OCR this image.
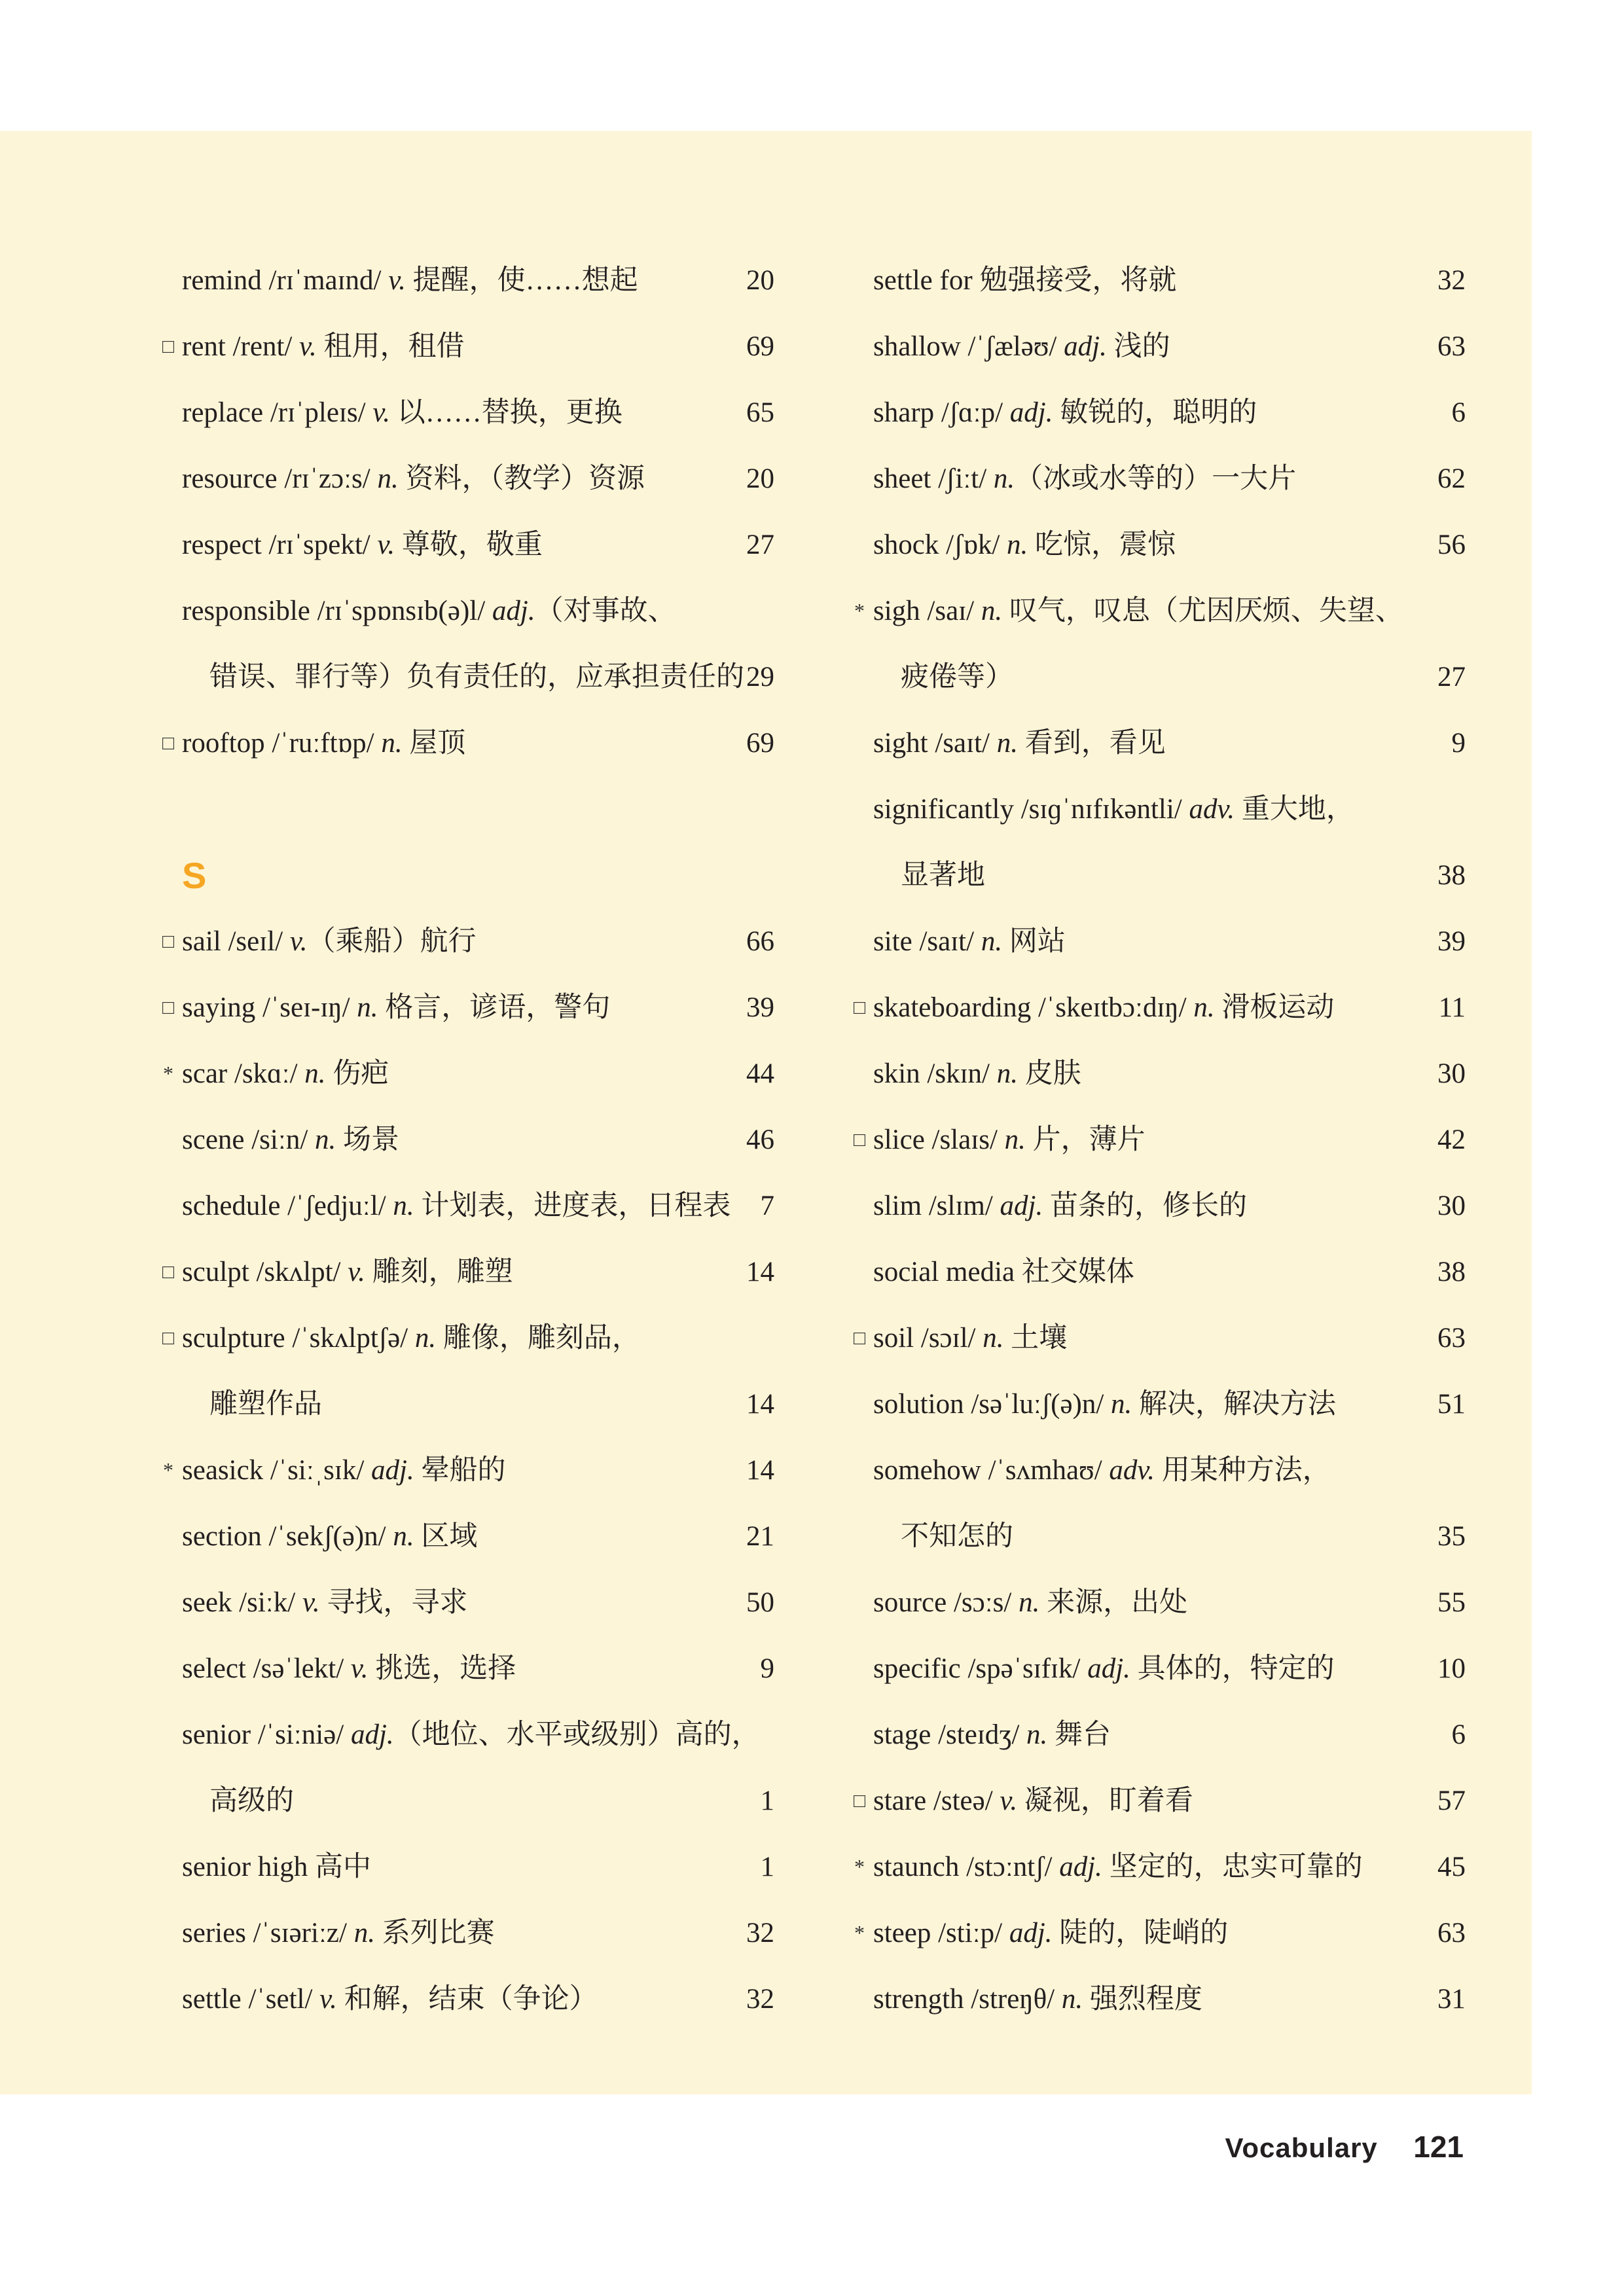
remind /rɪˈmaɪnd/ v. 提醒，使……想起	20
□ rent /rent/ v. 租用，租借	69
replace /rɪˈpleɪs/ v. 以……替换，更换	65
resource /rɪˈzɔːs/ n. 资料，（教学）资源	20
respect /rɪˈspekt/ v. 尊敬，敬重	27
responsible /rɪˈspɒnsɪb(ə)l/ adj.（对事故、
错误、罪行等）负有责任的，应承担责任的 29
□ rooftop /ˈruːftɒp/ n. 屋顶	69
S
□ sail /seɪl/ v.（乘船）航行	66
□ saying /ˈseɪ-ɪŋ/ n. 格言，谚语，警句	39
* scar /skɑː/ n. 伤疤	44
scene /siːn/ n. 场景	46
schedule /ˈʃedjuːl/ n. 计划表，进度表，日程表	7
□ sculpt /skʌlpt/ v. 雕刻，雕塑	14
□ sculpture /ˈskʌlptʃə/ n. 雕像，雕刻品，
雕塑作品	14
* seasick /ˈsiːˌsɪk/ adj. 晕船的	14
section /ˈsekʃ(ə)n/ n. 区域	21
seek /siːk/ v. 寻找，寻求	50
select /səˈlekt/ v. 挑选，选择	9
senior /ˈsiːniə/ adj.（地位、水平或级别）高的，
高级的	1
senior high 高中	1
series /ˈsɪəriːz/ n. 系列比赛	32
settle /ˈsetl/ v. 和解，结束（争论）	32
settle for 勉强接受，将就	32
shallow /ˈʃæləʊ/ adj. 浅的	63
sharp /ʃɑːp/ adj. 敏锐的，聪明的	6
sheet /ʃiːt/ n.（冰或水等的）一大片	62
shock /ʃɒk/ n. 吃惊，震惊	56
* sigh /saɪ/ n. 叹气，叹息（尤因厌烦、失望、
疲倦等）	27
sight /saɪt/ n. 看到，看见	9
significantly /sɪɡˈnɪfɪkəntli/ adv. 重大地，
显著地	38
site /saɪt/ n. 网站	39
□ skateboarding /ˈskeɪtbɔːdɪŋ/ n. 滑板运动	11
skin /skɪn/ n. 皮肤	30
□ slice /slaɪs/ n. 片，薄片	42
slim /slɪm/ adj. 苗条的，修长的	30
social media 社交媒体	38
□ soil /sɔɪl/ n. 土壤	63
solution /səˈluːʃ(ə)n/ n. 解决，解决方法	51
somehow /ˈsʌmhaʊ/ adv. 用某种方法，
不知怎的	35
source /sɔːs/ n. 来源，出处	55
specific /spəˈsɪfɪk/ adj. 具体的，特定的	10
stage /steɪdʒ/ n. 舞台	6
□ stare /steə/ v. 凝视，盯着看	57
* staunch /stɔːntʃ/ adj. 坚定的，忠实可靠的	45
* steep /stiːp/ adj. 陡的，陡峭的	63
strength /streŋθ/ n. 强烈程度	31
Vocabulary 121
